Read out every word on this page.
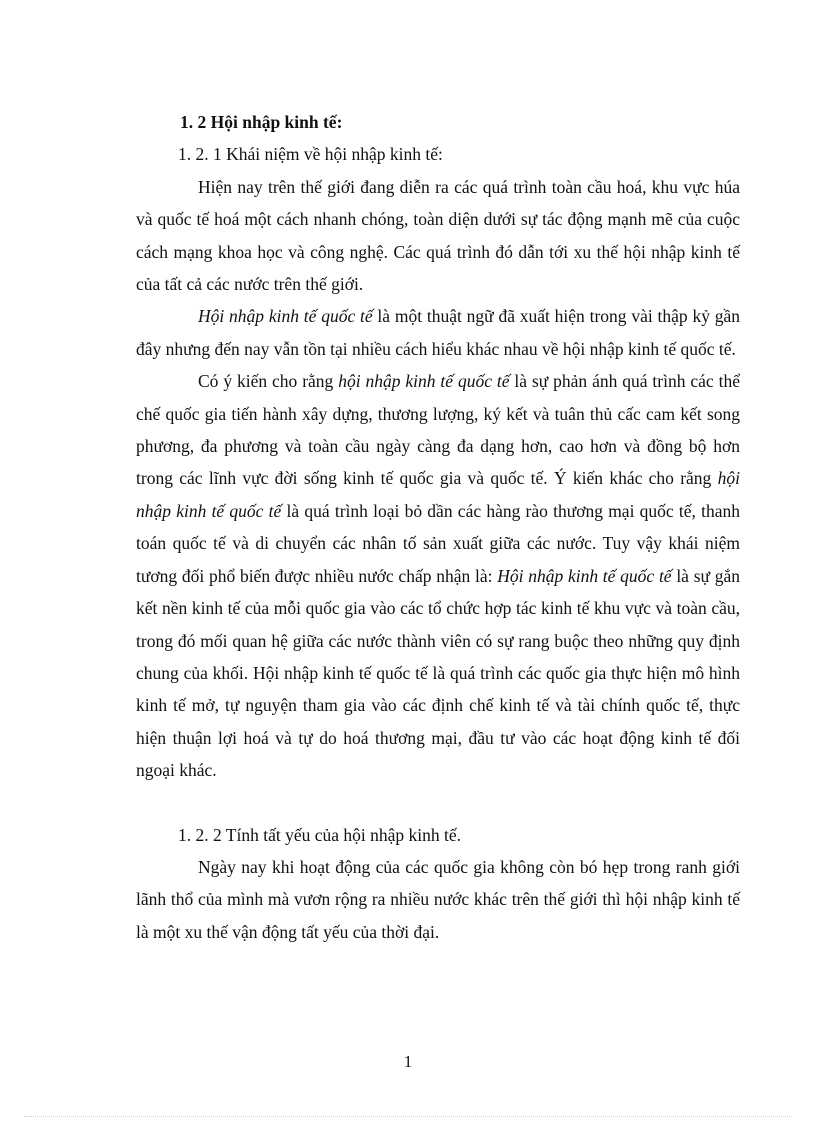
1. 2 Hội nhập kinh tế:

1. 2. 1 Khái niệm về hội nhập kinh tế:

Hiện nay trên thế giới đang diễn ra các quá trình toàn cầu hoá, khu vực húa và quốc tế hoá một cách nhanh chóng, toàn diện dưới sự tác động mạnh mẽ của cuộc cách mạng khoa học và công nghệ. Các quá trình đó dẫn tới xu thế hội nhập kinh tế của tất cả các nước trên thế giới.

Hội nhập kinh tế quốc tế là một thuật ngữ đã xuất hiện trong vài thập kỷ gần đây nhưng đến nay vẫn tồn tại nhiều cách hiểu khác nhau về hội nhập kinh tế quốc tế.

Có ý kiến cho rằng hội nhập kinh tế quốc tế là sự phản ánh quá trình các thể chế quốc gia tiến hành xây dựng, thương lượng, ký kết và tuân thủ cấc cam kết song phương, đa phương và toàn cầu ngày càng đa dạng hơn, cao hơn và đồng bộ hơn trong các lĩnh vực đời sống kinh tế quốc gia và quốc tế. Ý kiến khác cho rằng hội nhập kinh tế quốc tế là quá trình loại bỏ dần các hàng rào thương mại quốc tế, thanh toán quốc tế và di chuyển các nhân tố sản xuất giữa các nước. Tuy vậy khái niệm tương đối phổ biến được nhiều nước chấp nhận là: Hội nhập kinh tế quốc tế là sự gắn kết nền kinh tế của mỗi quốc gia vào các tổ chức hợp tác kinh tế khu vực và toàn cầu, trong đó mối quan hệ giữa các nước thành viên có sự rang buộc theo những quy định chung của khối. Hội nhập kinh tế quốc tế là quá trình các quốc gia thực hiện mô hình kinh tế mở, tự nguyện tham gia vào các định chế kinh tế và tài chính quốc tế, thực hiện thuận lợi hoá và tự do hoá thương mại, đầu tư vào các hoạt động kinh tế đối ngoại khác.

1. 2. 2 Tính tất yếu của hội nhập kinh tế.

Ngày nay khi hoạt động của các quốc gia không còn bó hẹp trong ranh giới lãnh thổ của mình mà vươn rộng ra nhiều nước khác trên thế giới thì hội nhập kinh tế là một xu thế vận động tất yếu của thời đại.

1
